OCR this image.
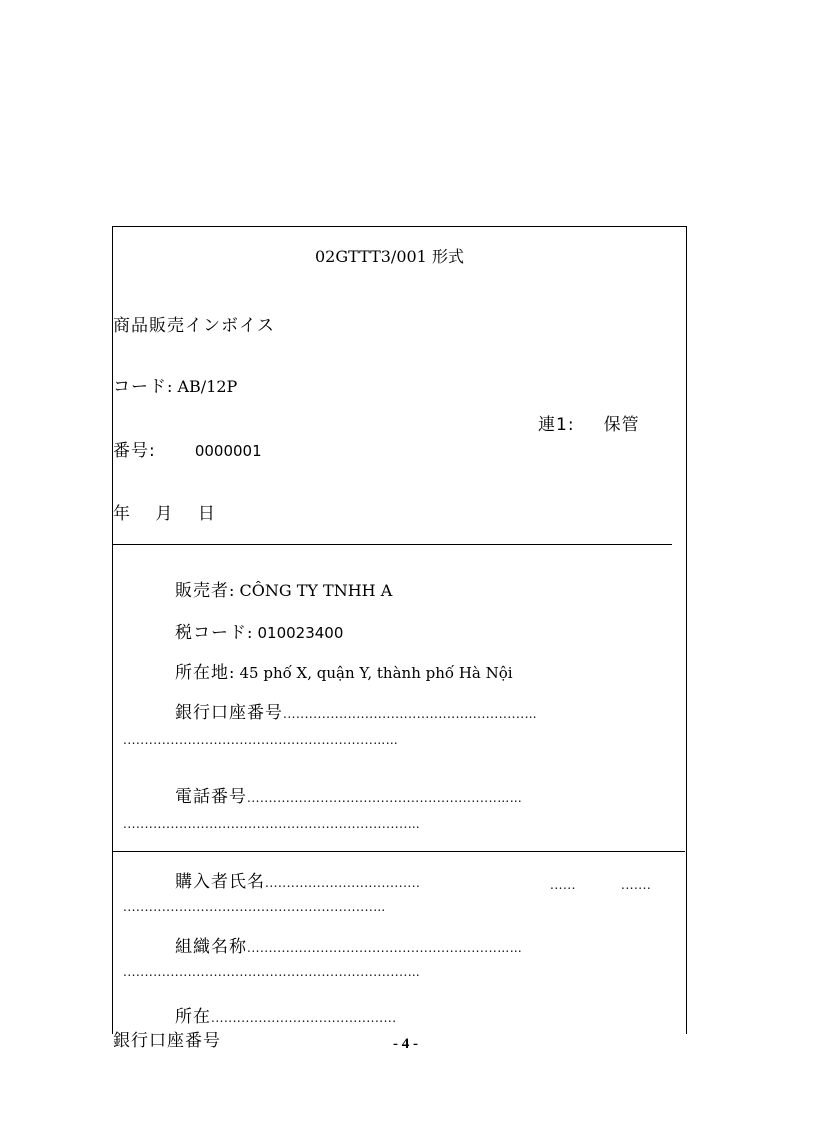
02GTTT3/001 形式
商品販売インボイス
コード: AB/12P
連1: 保管
番号:	0000001
年 月 日
販売者: CÔNG TY TNHH A
税コード: 010023400
所在地: 45 phố X, quận Y, thành phố Hà Nội
銀行口座番号........................................................…
..........................................................……
電話番号..........................................................……
..................................................................…
購入者氏名....................................	......	.......
..........................................................…
組織名称..........................................................……
..................................................................…
所在...........................................
銀行口座番号	- 4 -
